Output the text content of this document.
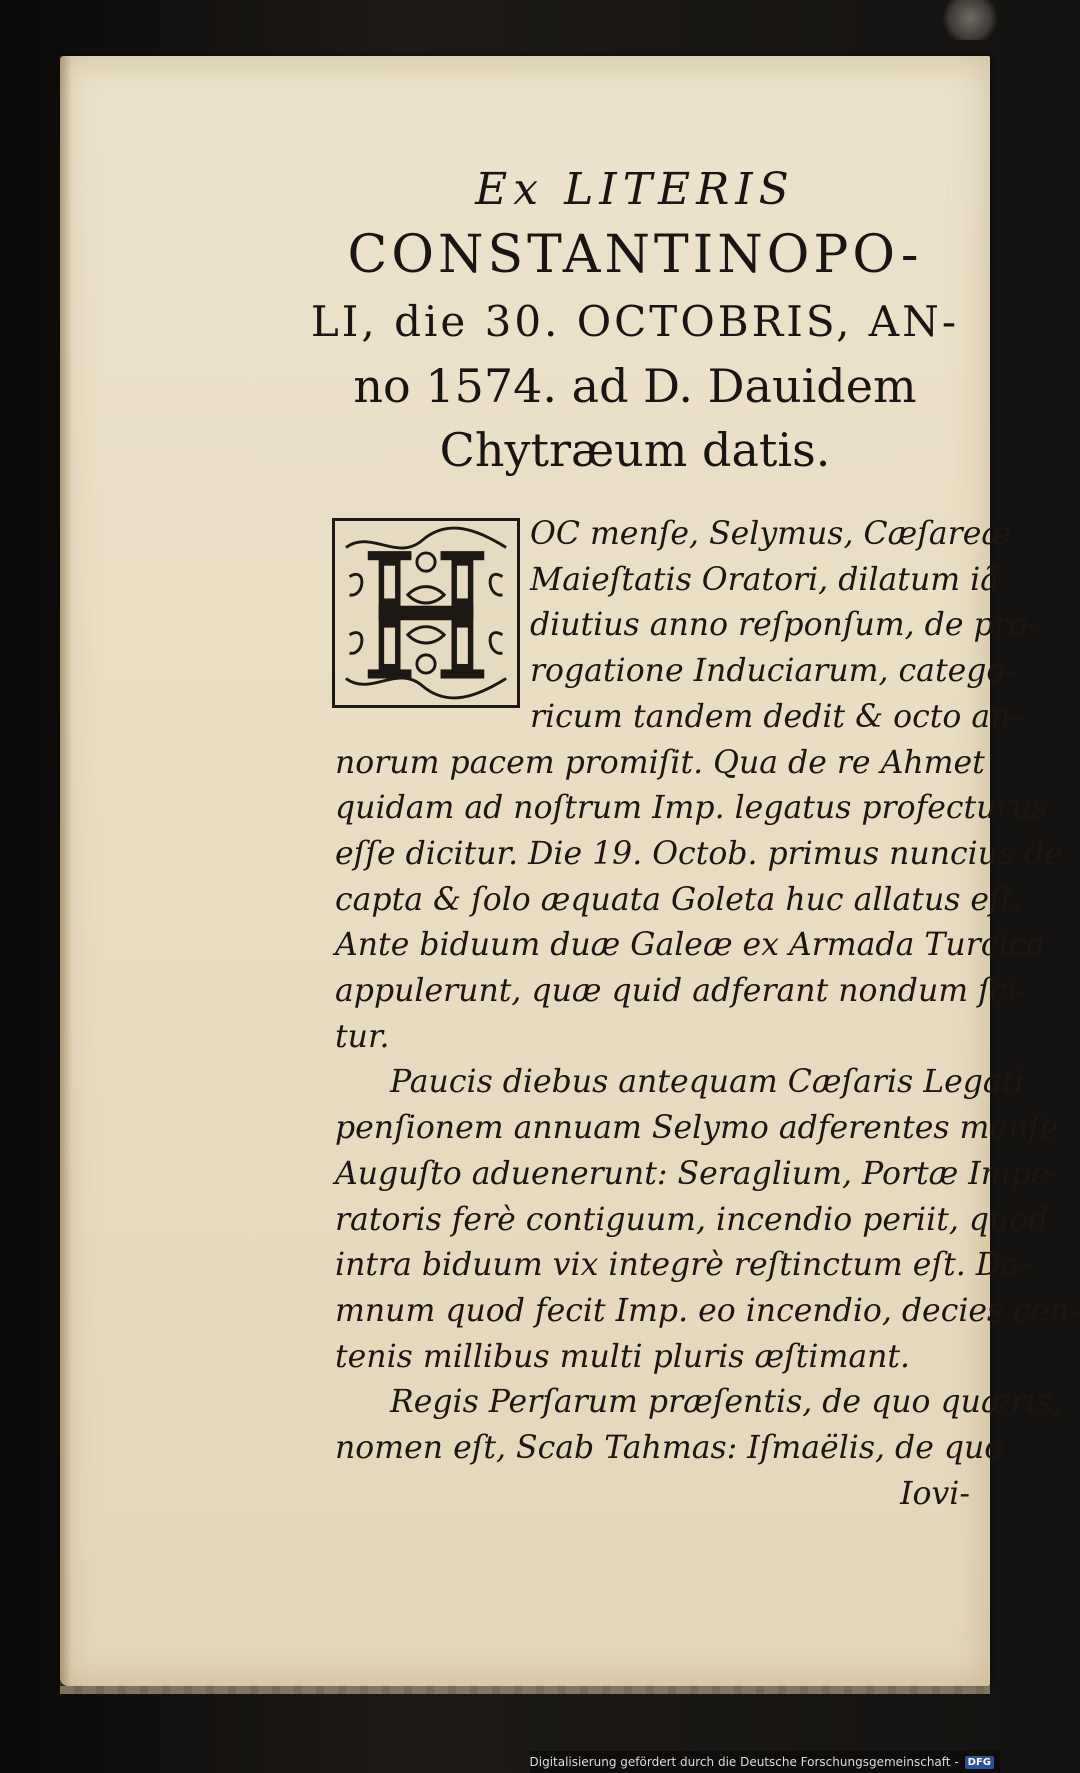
Ex LITERIS
CONSTANTINOPO-
LI, die 30. OCTOBRIS, AN-
no 1574. ad D. Dauidem
Chytræum datis.
OC menſe, Selymus, Cæſareæ
Maieſtatis Oratori, dilatum iã
diutius anno reſponſum, de pro-
rogatione Induciarum, catego-
ricum tandem dedit & octo an-
norum pacem promiſit. Qua de re Ahmet
quidam ad noſtrum Imp. legatus profecturus
eſſe dicitur. Die 19. Octob. primus nuncius de
capta & ſolo æquata Goleta huc allatus eſt.
Ante biduum duæ Galeæ ex Armada Turcica
appulerunt, quæ quid adferant nondum ſci-
tur.
Paucis diebus antequam Cæſaris Legati
penſionem annuam Selymo adferentes menſe
Auguſto aduenerunt: Seraglium, Portæ Impe-
ratoris ferè contiguum, incendio periit, quod
intra biduum vix integrè reſtinctum eſt. Da-
mnum quod fecit Imp. eo incendio, decies cen-
tenis millibus multi pluris æſtimant.
Regis Perſarum præſentis, de quo quæris,
nomen eſt, Scab Tahmas: Iſmaëlis, de quo
Iovi-
Digitalisierung gefördert durch die Deutsche Forschungsgemeinschaft - DFG
